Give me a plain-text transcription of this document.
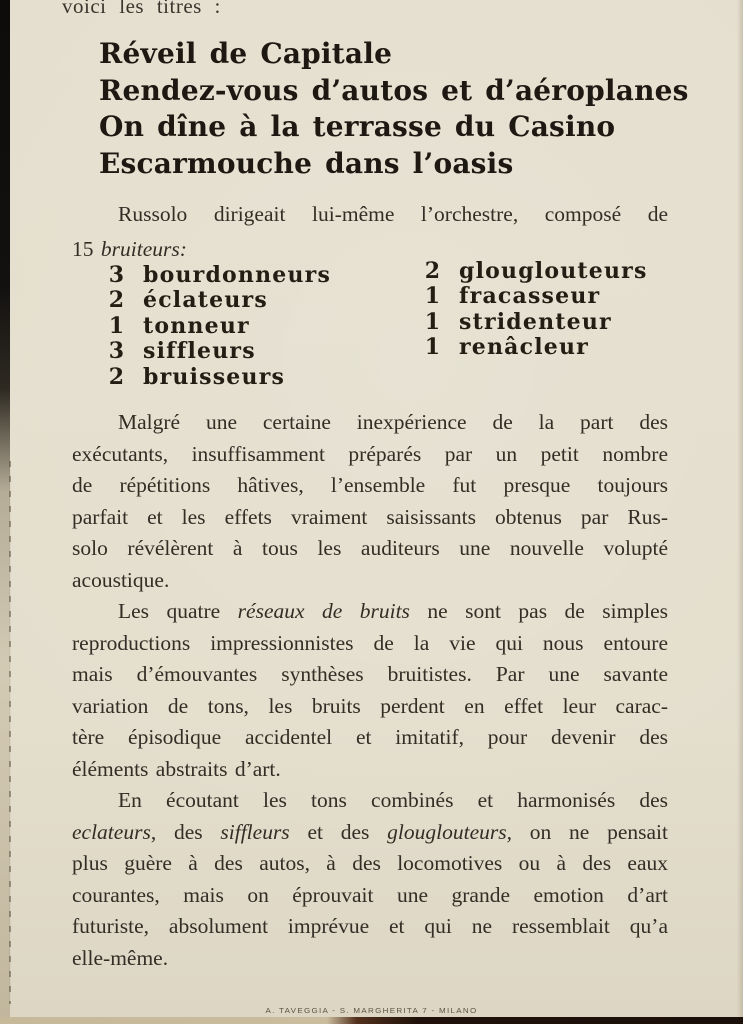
voici les titres :
Réveil de Capitale
Rendez-vous d’autos et d’aéroplanes
On dîne à la terrasse du Casino
Escarmouche dans l’oasis
Russolo dirigeait lui-même l’orchestre, composé de
15 bruiteurs:
3 bourdonneurs
2 éclateurs
1 tonneur
3 siffleurs
2 bruisseurs
2 glouglouteurs
1 fracasseur
1 stridenteur
1 renâcleur
Malgré une certaine inexpérience de la part des
exécutants, insuffisamment préparés par un petit nombre
de répétitions hâtives, l’ensemble fut presque toujours
parfait et les effets vraiment saisissants obtenus par Rus-
solo révélèrent à tous les auditeurs une nouvelle volupté
acoustique.
Les quatre réseaux de bruits ne sont pas de simples
reproductions impressionnistes de la vie qui nous entoure
mais d’émouvantes synthèses bruitistes. Par une savante
variation de tons, les bruits perdent en effet leur carac-
tère épisodique accidentel et imitatif, pour devenir des
éléments abstraits d’art.
En écoutant les tons combinés et harmonisés des
eclateurs, des siffleurs et des glouglouteurs, on ne pensait
plus guère à des autos, à des locomotives ou à des eaux
courantes, mais on éprouvait une grande emotion d’art
futuriste, absolument imprévue et qui ne ressemblait qu’a
elle-même.
A. TAVEGGIA - S. MARGHERITA 7 - MILANO
